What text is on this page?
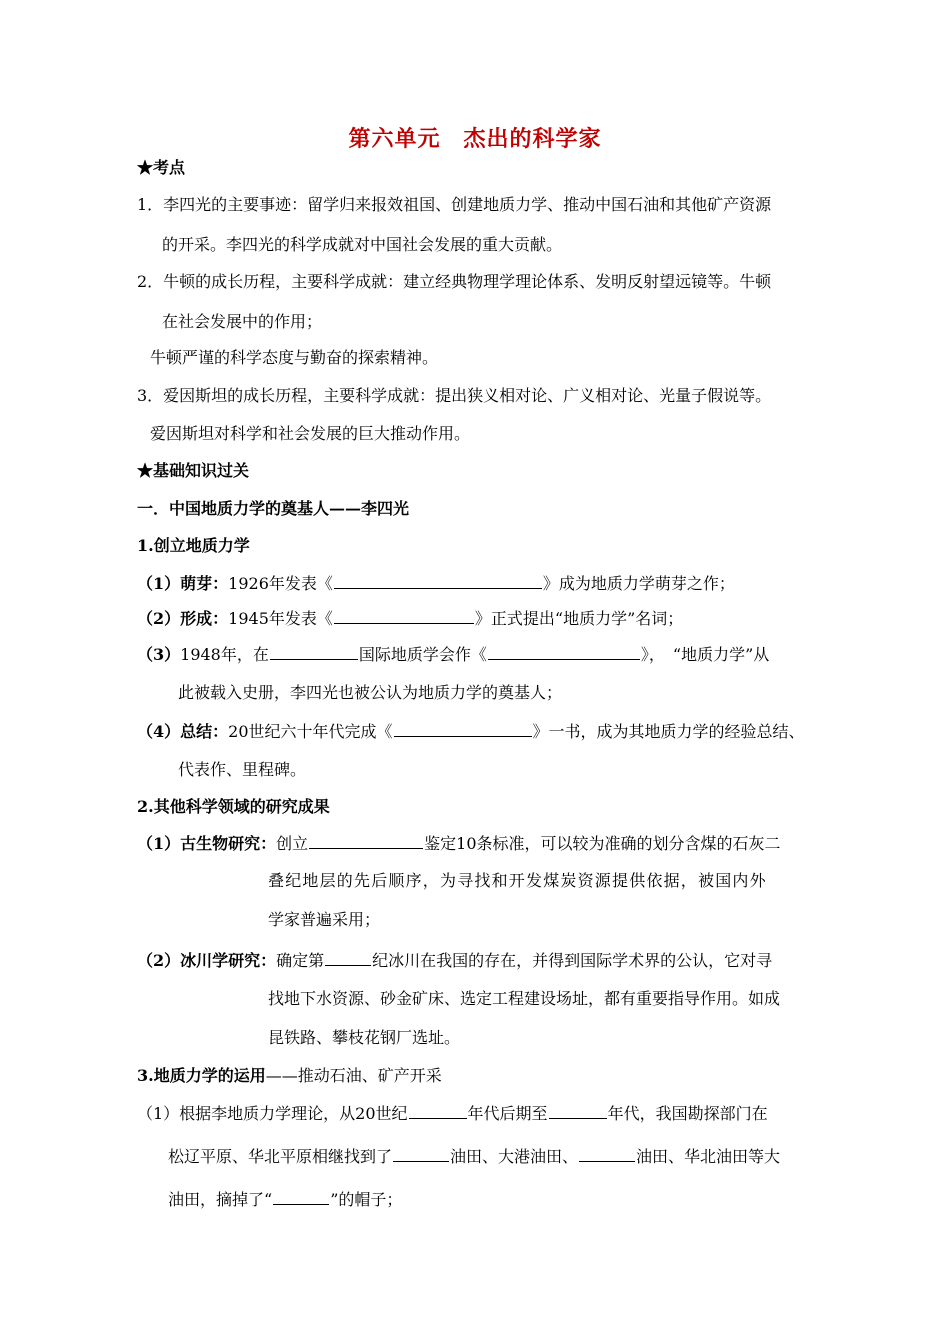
第六单元　杰出的科学家
★考点
1．李四光的主要事迹：留学归来报效祖国、创建地质力学、推动中国石油和其他矿产资源
的开采。李四光的科学成就对中国社会发展的重大贡献。
2．牛顿的成长历程，主要科学成就：建立经典物理学理论体系、发明反射望远镜等。牛顿
在社会发展中的作用；
牛顿严谨的科学态度与勤奋的探索精神。
3．爱因斯坦的成长历程，主要科学成就：提出狭义相对论、广义相对论、光量子假说等。
爱因斯坦对科学和社会发展的巨大推动作用。
★基础知识过关
一．中国地质力学的奠基人——李四光
1.创立地质力学
（1）萌芽：1926年发表《	》成为地质力学萌芽之作；
（2）形成：1945年发表《	》正式提出“地质力学”名词；
（3）1948年，在	国际地质学会作《	》，　“地质力学”从
此被载入史册，李四光也被公认为地质力学的奠基人；
（4）总结：20世纪六十年代完成《	》一书，成为其地质力学的经验总结、
代表作、里程碑。
2.其他科学领域的研究成果
（1）古生物研究：创立	鉴定10条标准，可以较为准确的划分含煤的石灰二
叠纪地层的先后顺序，为寻找和开发煤炭资源提供依据，被国内外
学家普遍采用；
（2）冰川学研究：确定第	纪冰川在我国的存在，并得到国际学术界的公认，它对寻
找地下水资源、砂金矿床、选定工程建设场址，都有重要指导作用。如成
昆铁路、攀枝花钢厂选址。
3.地质力学的运用——推动石油、矿产开采
（1）根据李地质力学理论，从20世纪	年代后期至	年代，我国勘探部门在
松辽平原、华北平原相继找到了	油田、大港油田、	油田、华北油田等大
油田，摘掉了“	”的帽子；
